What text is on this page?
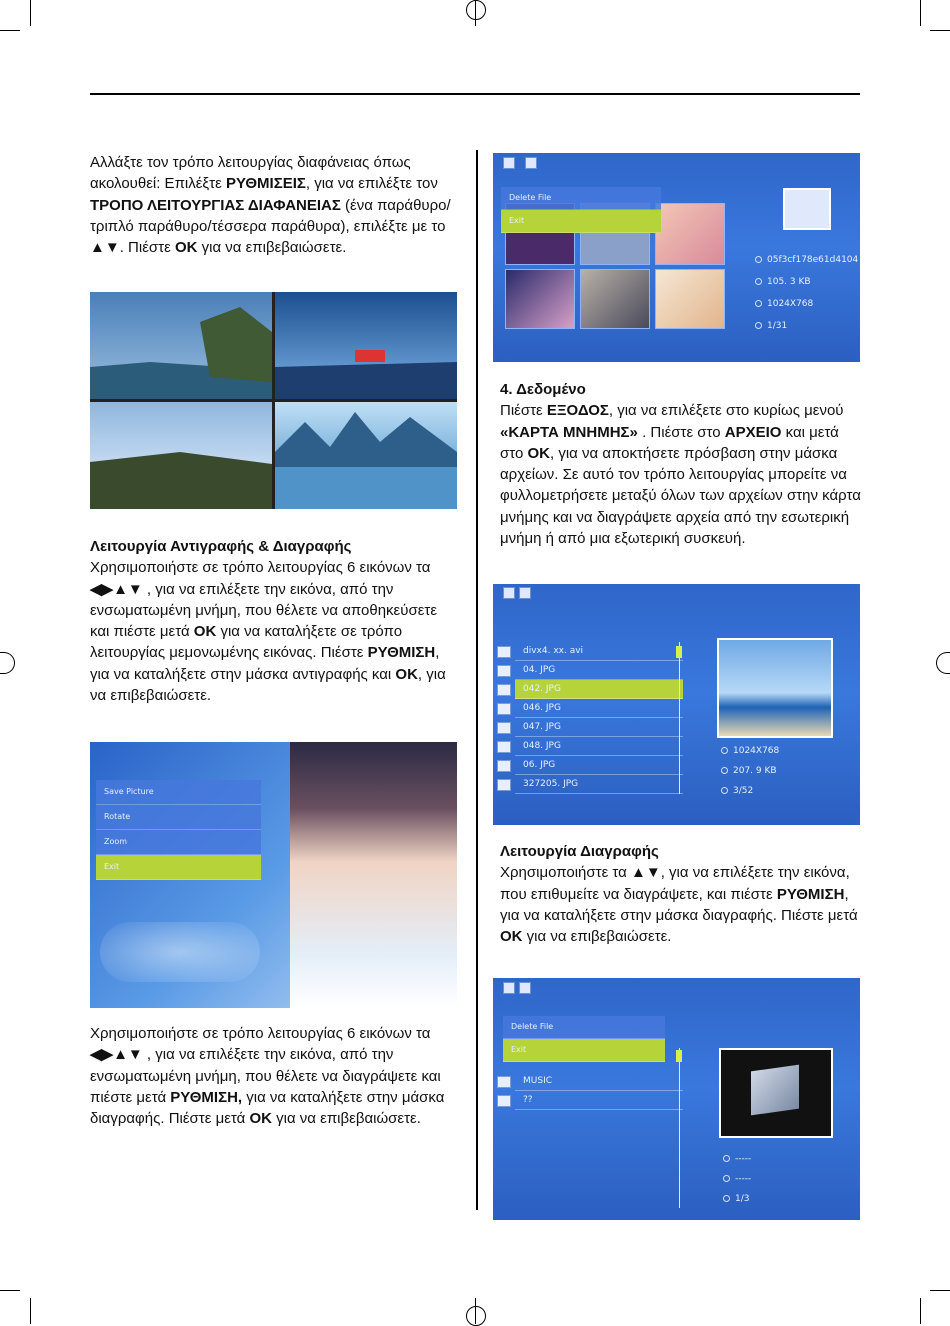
Αλλάξτε τον τρόπο λειτουργίας διαφάνειας όπως ακολουθεί: Επιλέξτε ΡΥΘΜΙΣΕΙΣ, για να επιλέξτε τον ΤΡΟΠΟ ΛΕΙΤΟΥΡΓΙΑΣ ΔΙΑΦΑΝΕΙΑΣ (ένα παράθυρο/τριπλό παράθυρο/τέσσερα παράθυρα), επιλέξτε με το ▲▼. Πιέστε OK για να επιβεβαιώσετε.
Λειτουργία Αντιγραφής & Διαγραφής
Χρησιμοποιήστε σε τρόπο λειτουργίας 6 εικόνων τα ◀▶▲▼ , για να επιλέξετε την εικόνα, από την ενσωματωμένη μνήμη, που θέλετε να αποθηκεύσετε και πιέστε μετά OK για να καταλήξετε σε τρόπο λειτουργίας μεμονωμένης εικόνας. Πιέστε ΡΥΘΜΙΣΗ, για να καταλήξετε στην μάσκα αντιγραφής και OK, για να επιβεβαιώσετε.
Save Picture
Rotate
Zoom
Exit
Χρησιμοποιήστε σε τρόπο λειτουργίας 6 εικόνων τα ◀▶▲▼ , για να επιλέξετε την εικόνα, από την ενσωματωμένη μνήμη, που θέλετε να διαγράψετε και πιέστε μετά ΡΥΘΜΙΣΗ, για να καταλήξετε στην μάσκα διαγραφής. Πιέστε μετά OK για να επιβεβαιώσετε.
Delete File
Exit
05f3cf178e61d4104
105. 3 KB
1024X768
1/31
4. Δεδομένο
Πιέστε ΕΞΟΔΟΣ, για να επιλέξετε στο κυρίως μενού «ΚΑΡΤΑ ΜΝΗΜΗΣ» . Πιέστε στο ΑΡΧΕΙΟ και μετά στο OK, για να αποκτήσετε πρόσβαση στην μάσκα αρχείων. Σε αυτό τον τρόπο λειτουργίας μπορείτε να φυλλομετρήσετε μεταξύ όλων των αρχείων στην κάρτα μνήμης και να διαγράψετε αρχεία από την εσωτερική μνήμη ή από μια εξωτερική συσκευή.
divx4. xx. avi
04. JPG
042. JPG
046. JPG
047. JPG
048. JPG
06. JPG
327205. JPG
1024X768
207. 9 KB
3/52
Λειτουργία Διαγραφής
Χρησιμοποιήστε τα ▲▼, για να επιλέξετε την εικόνα, που επιθυμείτε να διαγράψετε, και πιέστε ΡΥΘΜΙΣΗ, για να καταλήξετε στην μάσκα διαγραφής. Πιέστε μετά OK για να επιβεβαιώσετε.
Delete File
Exit
MUSIC
??
-----
-----
1/3
